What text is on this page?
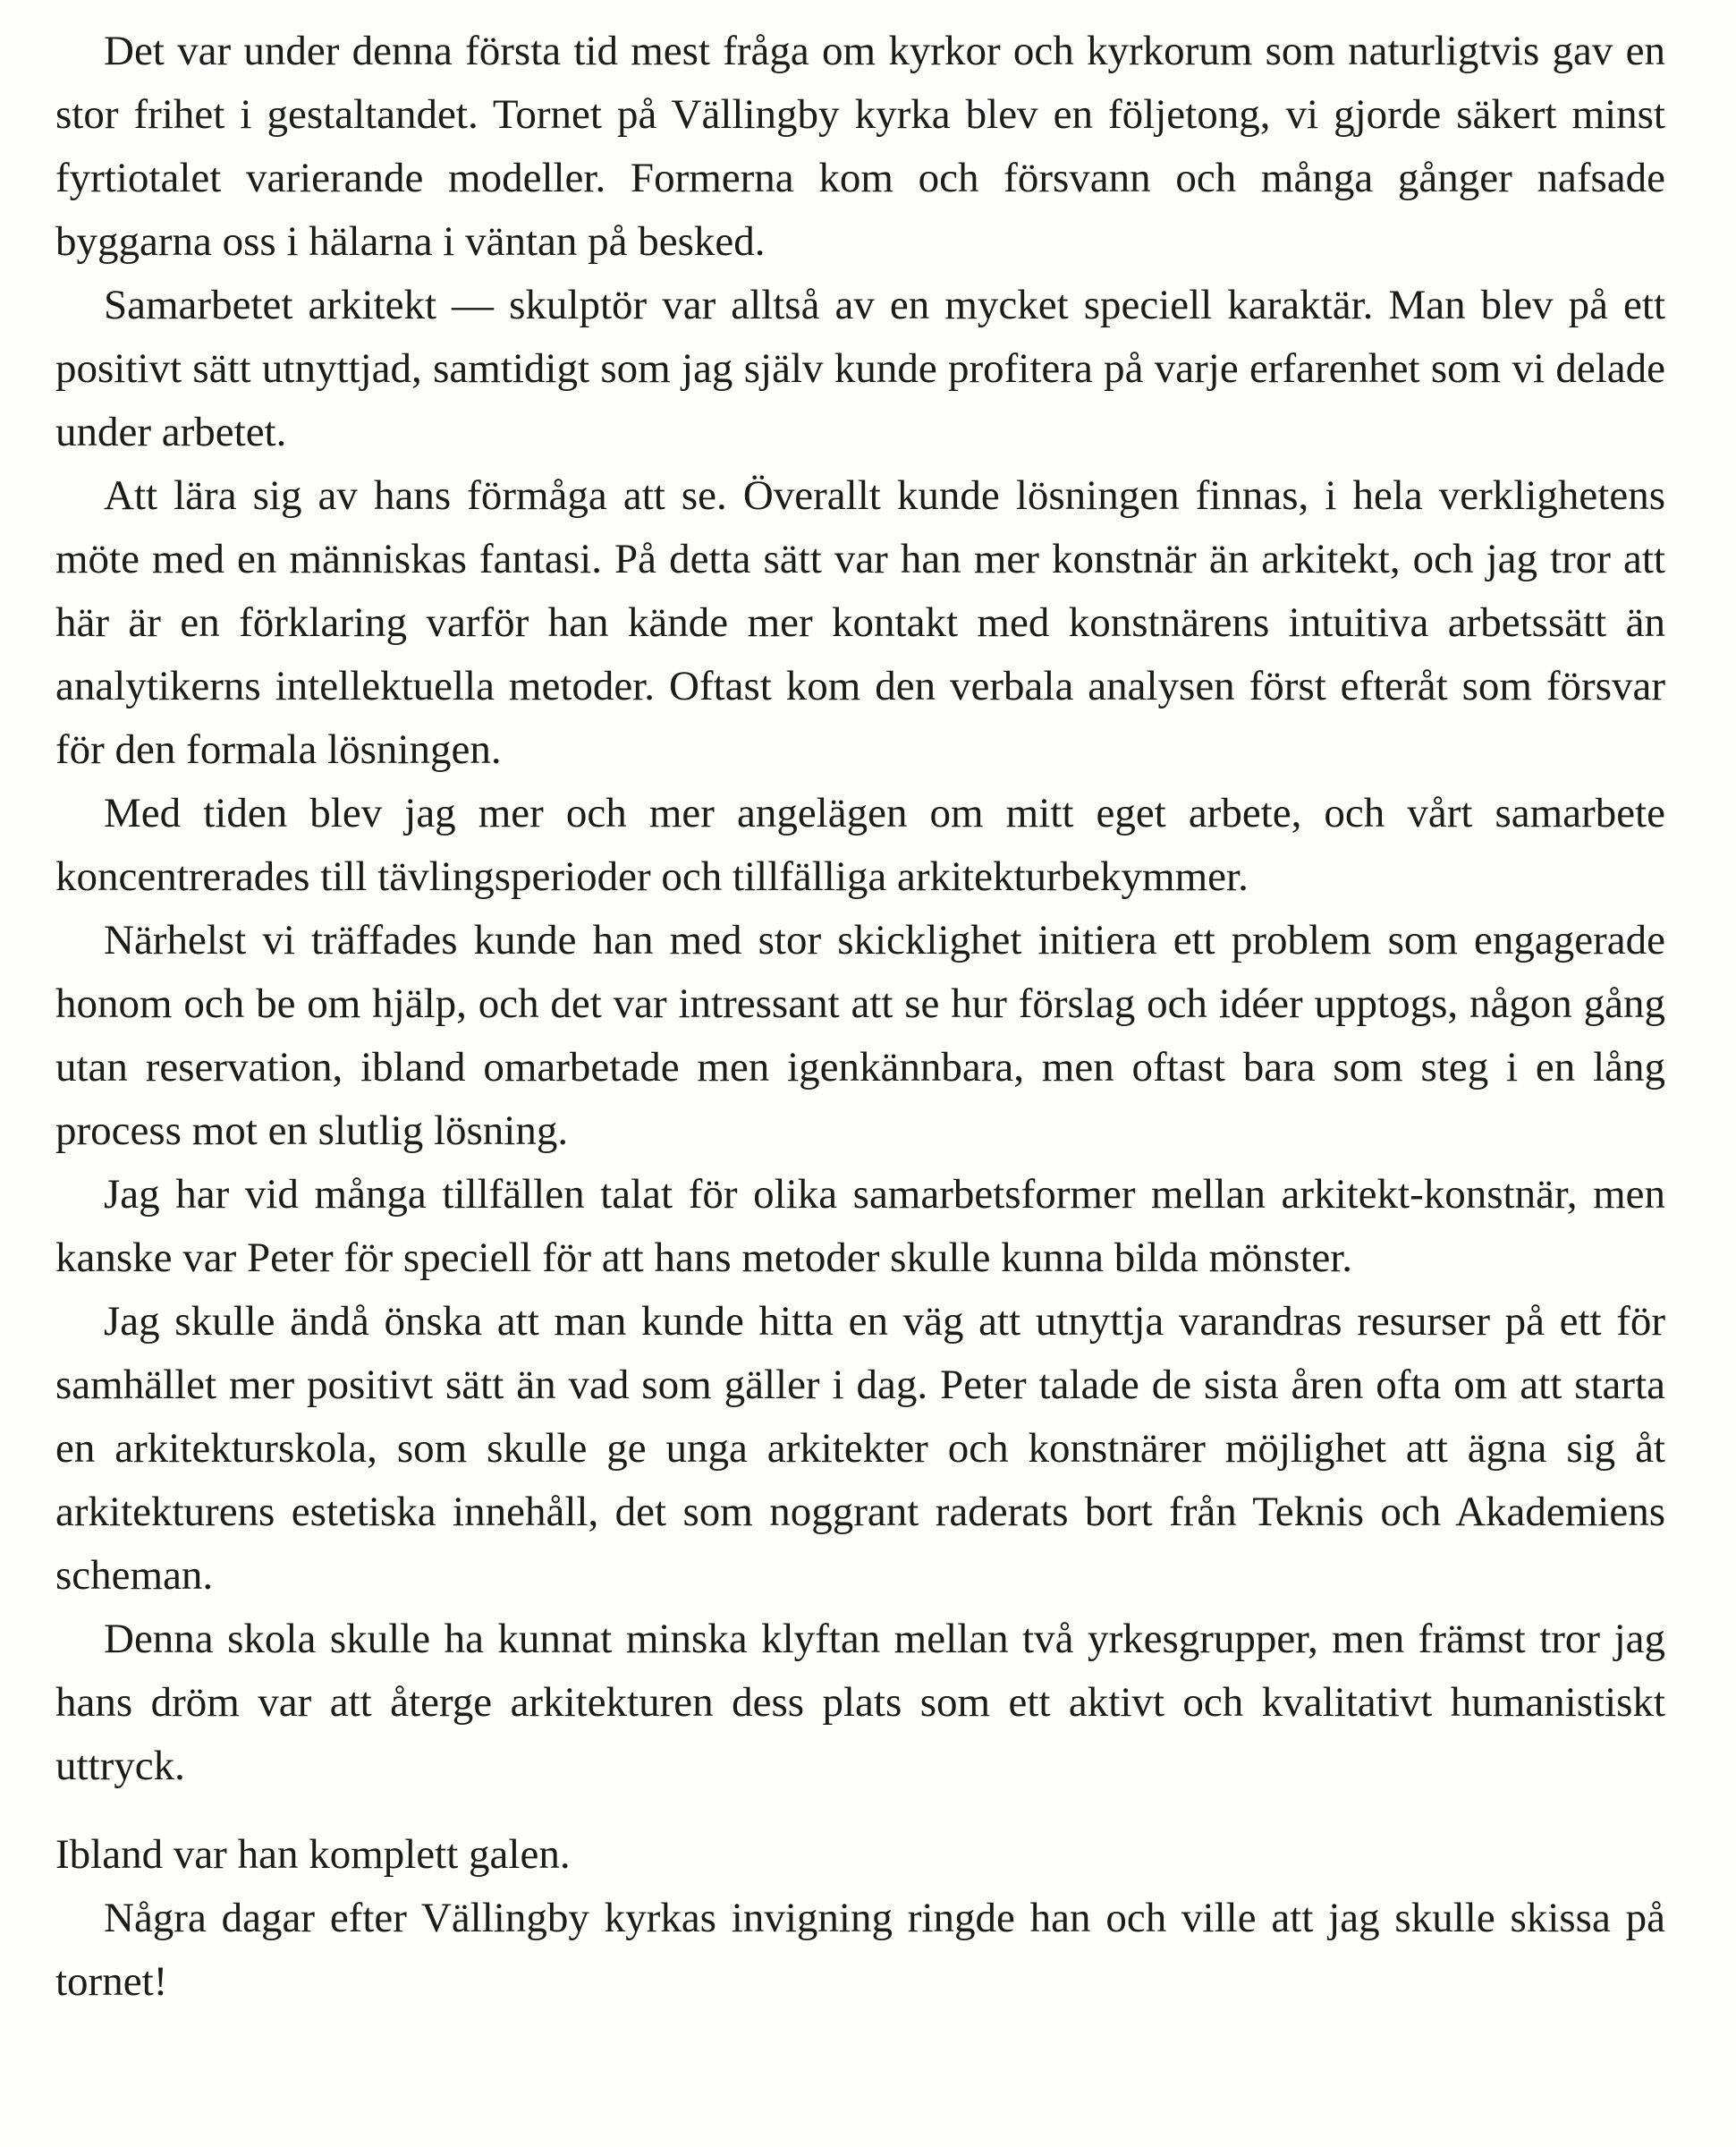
Det var under denna första tid mest fråga om kyrkor och kyrkorum som naturligtvis gav en stor frihet i gestaltandet. Tornet på Vällingby kyrka blev en följetong, vi gjorde säkert minst fyrtiotalet varierande modeller. Formerna kom och försvann och många gånger nafsade byggarna oss i hälarna i väntan på besked.

Samarbetet arkitekt — skulptör var alltså av en mycket speciell karaktär. Man blev på ett positivt sätt utnyttjad, samtidigt som jag själv kunde profitera på varje erfarenhet som vi delade under arbetet.

Att lära sig av hans förmåga att se. Överallt kunde lösningen finnas, i hela verklighetens möte med en människas fantasi. På detta sätt var han mer konstnär än arkitekt, och jag tror att här är en förklaring varför han kände mer kontakt med konstnärens intuitiva arbetssätt än analytikerns intellektuella metoder. Oftast kom den verbala analysen först efteråt som försvar för den formala lösningen.

Med tiden blev jag mer och mer angelägen om mitt eget arbete, och vårt samarbete koncentrerades till tävlingsperioder och tillfälliga arkitekturbekymmer.

Närhelst vi träffades kunde han med stor skicklighet initiera ett problem som engagerade honom och be om hjälp, och det var intressant att se hur förslag och idéer upptogs, någon gång utan reservation, ibland omarbetade men igenkännbara, men oftast bara som steg i en lång process mot en slutlig lösning.

Jag har vid många tillfällen talat för olika samarbetsformer mellan arkitekt-konstnär, men kanske var Peter för speciell för att hans metoder skulle kunna bilda mönster.

Jag skulle ändå önska att man kunde hitta en väg att utnyttja varandras resurser på ett för samhället mer positivt sätt än vad som gäller i dag. Peter talade de sista åren ofta om att starta en arkitekturskola, som skulle ge unga arkitekter och konstnärer möjlighet att ägna sig åt arkitekturens estetiska innehåll, det som noggrant raderats bort från Teknis och Akademiens scheman.

Denna skola skulle ha kunnat minska klyftan mellan två yrkesgrupper, men främst tror jag hans dröm var att återge arkitekturen dess plats som ett aktivt och kvalitativt humanistiskt uttryck.

Ibland var han komplett galen.

Några dagar efter Vällingby kyrkas invigning ringde han och ville att jag skulle skissa på tornet!
